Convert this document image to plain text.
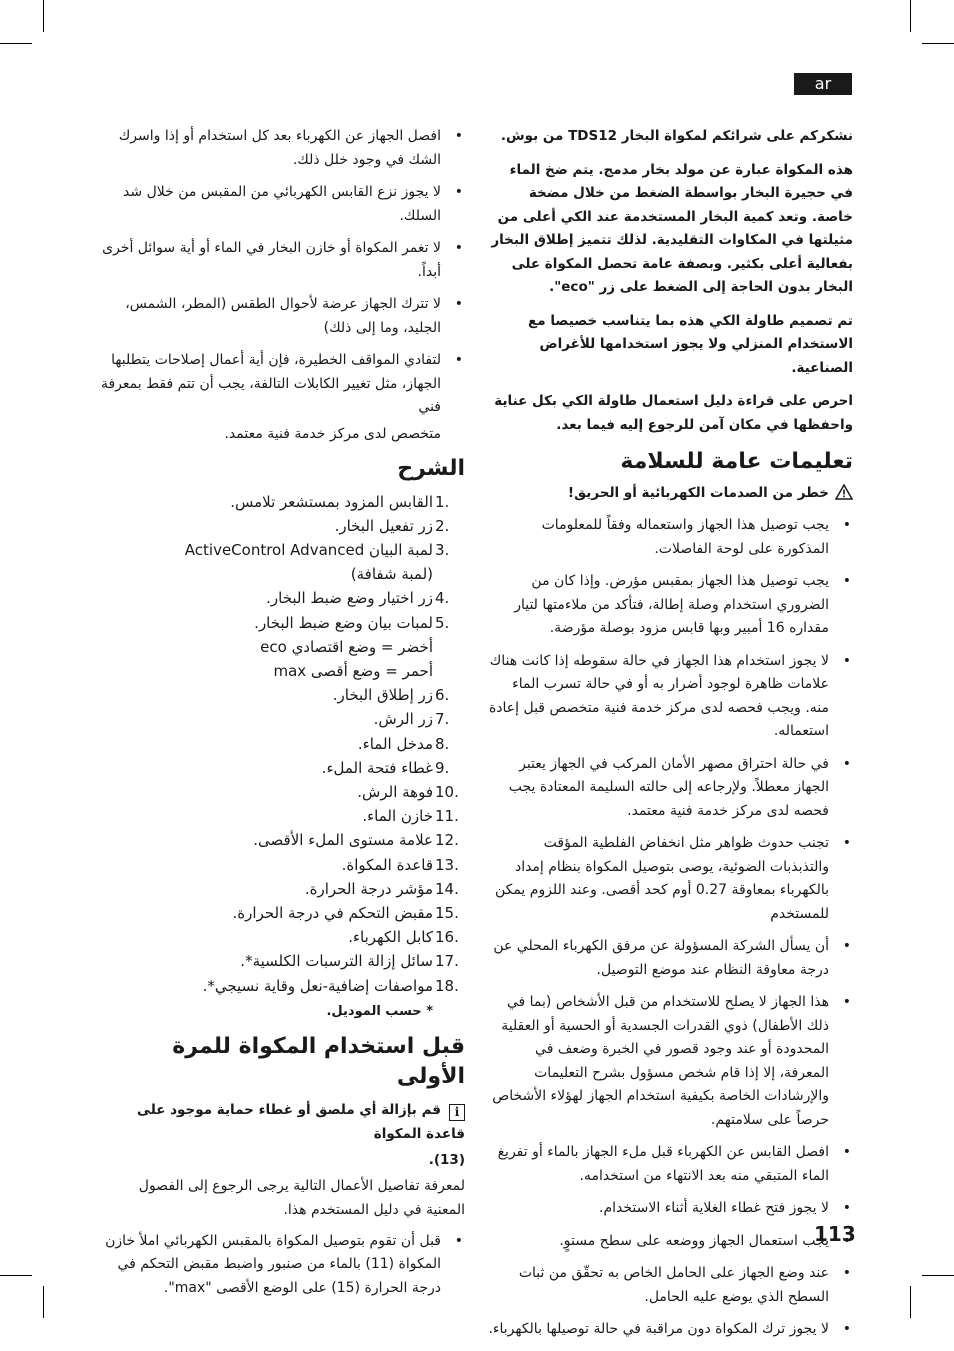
ar

نشكركم على شرائكم لمكواة البخار TDS12 من بوش.

هذه المكواة عبارة عن مولد بخار مدمج. يتم ضخ الماء في حجيرة البخار بواسطة الضغط من خلال مضخة خاصة. وتعد كمية البخار المستخدمة عند الكي أعلى من مثيلتها في المكاوات التقليدية. لذلك تتميز إطلاق البخار بفعالية أعلى بكثير. وبصفة عامة تحصل المكواة على البخار بدون الحاجة إلى الضغط على زر "eco".

تم تصميم طاولة الكي هذه بما يتناسب خصيصا مع الاستخدام المنزلي ولا يجوز استخدامها للأغراض الصناعية.

احرص على قراءة دليل استعمال طاولة الكي بكل عناية واحفظها في مكان آمن للرجوع إليه فيما بعد.

تعليمات عامة للسلامة
خطر من الصدمات الكهربائية أو الحريق!
• يجب توصيل هذا الجهاز واستعماله وفقاً للمعلومات المذكورة على لوحة الفاصلات.
• يجب توصيل هذا الجهاز بمقبس مؤرض. وإذا كان من الضروري استخدام وصلة إطالة، فتأكد من ملاءمتها لتيار مقداره 16 أمبير وبها قابس مزود بوصلة مؤرضة.
• لا يجوز استخدام هذا الجهاز في حالة سقوطه إذا كانت هناك علامات ظاهرة لوجود أضرار به أو في حالة تسرب الماء منه. ويجب فحصه لدى مركز خدمة فنية متخصص قبل إعادة استعماله.
• في حالة احتراق مصهر الأمان المركب في الجهاز يعتبر الجهاز معطلاً. ولإرجاعه إلى حالته السليمة المعتادة يجب فحصه لدى مركز خدمة فنية معتمد.
• تجنب حدوث ظواهر مثل انخفاض الفلطية المؤقت والتذبذبات الضوئية، يوصى بتوصيل المكواة بنظام إمداد بالكهرباء بمعاوقة 0.27 أوم كحد أقصى. وعند اللزوم يمكن للمستخدم
• أن يسأل الشركة المسؤولة عن مرفق الكهرباء المحلي عن درجة معاوقة النظام عند موضع التوصيل.
• هذا الجهاز لا يصلح للاستخدام من قبل الأشخاص (بما في ذلك الأطفال) ذوي القدرات الجسدية أو الحسية أو العقلية المحدودة أو عند وجود قصور في الخبرة وضعف في المعرفة، إلا إذا قام شخص مسؤول بشرح التعليمات والإرشادات الخاصة بكيفية استخدام الجهاز لهؤلاء الأشخاص حرصاً على سلامتهم.
• افصل القابس عن الكهرباء قبل ملء الجهاز بالماء أو تفريغ الماء المتبقي منه بعد الانتهاء من استخدامه.
• لا يجوز فتح غطاء الغلاية أثناء الاستخدام.
• يجب استعمال الجهاز ووضعه على سطح مستوٍ.
• عند وضع الجهاز على الحامل الخاص به تحقّق من ثبات السطح الذي يوضع عليه الحامل.
• لا يجوز ترك المكواة دون مراقبة في حالة توصيلها بالكهرباء.
• افصل الجهاز عن الكهرباء بعد كل استخدام أو إذا واسرك الشك في وجود خلل ذلك.
• لا يجوز نزع القابس الكهربائي من المقبس من خلال شد السلك.
• لا تغمر المكواة أو خازن البخار في الماء أو أية سوائل أخرى أبداً.
• لا تترك الجهاز عرضة لأحوال الطقس (المطر، الشمس، الجليد، وما إلى ذلك)
• لتفادي المواقف الخطيرة، فإن أية أعمال إصلاحات يتطلبها الجهاز، مثل تغيير الكابلات التالفة، يجب أن تتم فقط بمعرفة فني

متخصص لدى مركز خدمة فنية معتمد.

الشرح
1.
القابس المزود بمستشعر تلامس.
2.
زر تفعيل البخار.
3.
لمبة البيان ActiveControl Advanced
(لمبة شفافة)
4.
زر اختيار وضع ضبط البخار.
5.
لمبات بيان وضع ضبط البخار.
أخضر = وضع اقتصادي eco
أحمر = وضع أقصى max
6.
زر إطلاق البخار.
7.
زر الرش.
8.
مدخل الماء.
9.
غطاء فتحة الملء.
10.
فوهة الرش.
11.
خازن الماء.
12.
علامة مستوى الملء الأقصى.
13.
قاعدة المكواة.
14.
مؤشر درجة الحرارة.
15.
مقبض التحكم في درجة الحرارة.
16.
كابل الكهرباء.
17.
سائل إزالة الترسبات الكلسية*.
18.
مواصفات إضافية-نعل وقاية نسيجي*.

* حسب الموديل.

قبل استخدام المكواة للمرة الأولى

iقم بإزالة أي ملصق أو غطاء حماية موجود على قاعدة المكواة

(13).

لمعرفة تفاصيل الأعمال التالية يرجى الرجوع إلى الفصول المعنية في دليل المستخدم هذا.

• قبل أن تقوم بتوصيل المكواة بالمقبس الكهربائي املأ خازن المكواة (11) بالماء من صنبور واضبط مقبض التحكم في درجة الحرارة (15) على الوضع الأقصى "max".
113
